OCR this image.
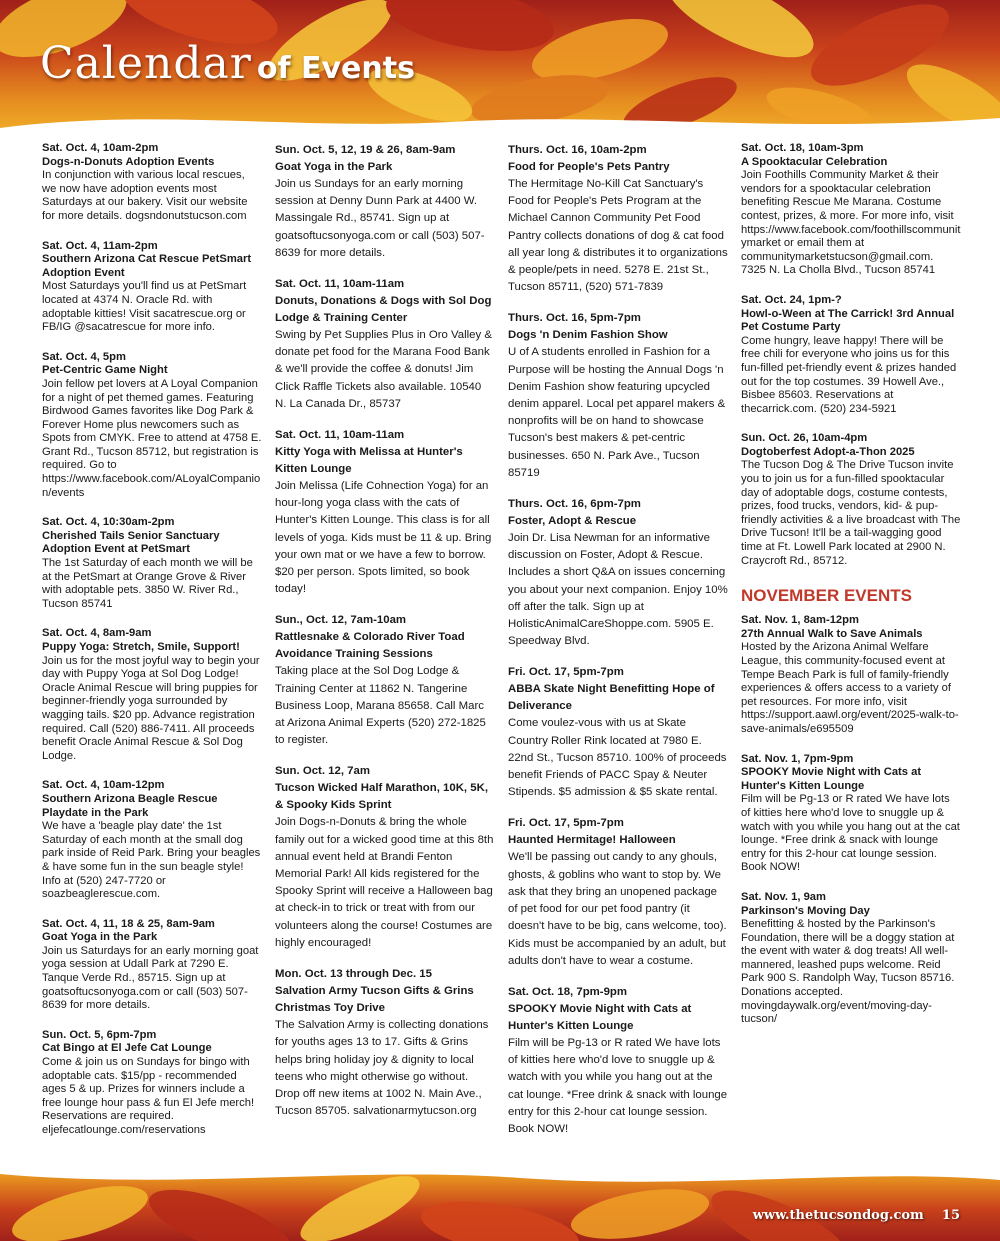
Calendar of Events
Sat. Oct. 4, 10am-2pm
Dogs-n-Donuts Adoption Events
In conjunction with various local rescues, we now have adoption events most Saturdays at our bakery. Visit our website for more details. dogsndonutstucson.com
Sat. Oct. 4, 11am-2pm
Southern Arizona Cat Rescue PetSmart Adoption Event
Most Saturdays you'll find us at PetSmart located at 4374 N. Oracle Rd. with adoptable kitties! Visit sacatrescue.org or FB/IG @sacatrescue for more info.
Sat. Oct. 4, 5pm
Pet-Centric Game Night
Join fellow pet lovers at A Loyal Companion for a night of pet themed games. Featuring Birdwood Games favorites like Dog Park & Forever Home plus newcomers such as Spots from CMYK. Free to attend at 4758 E. Grant Rd., Tucson 85712, but registration is required. Go to https://www.facebook.com/ALoyalCompanion/events
Sat. Oct. 4, 10:30am-2pm
Cherished Tails Senior Sanctuary Adoption Event at PetSmart
The 1st Saturday of each month we will be at the PetSmart at Orange Grove & River with adoptable pets. 3850 W. River Rd., Tucson 85741
Sat. Oct. 4, 8am-9am
Puppy Yoga: Stretch, Smile, Support!
Join us for the most joyful way to begin your day with Puppy Yoga at Sol Dog Lodge! Oracle Animal Rescue will bring puppies for beginner-friendly yoga surrounded by wagging tails. $20 pp. Advance registration required. Call (520) 886-7411. All proceeds benefit Oracle Animal Rescue & Sol Dog Lodge.
Sat. Oct. 4, 10am-12pm
Southern Arizona Beagle Rescue Playdate in the Park
We have a 'beagle play date' the 1st Saturday of each month at the small dog park inside of Reid Park. Bring your beagles & have some fun in the sun beagle style! Info at (520) 247-7720 or soazbeaglerescue.com.
Sat. Oct. 4, 11, 18 & 25, 8am-9am
Goat Yoga in the Park
Join us Saturdays for an early morning goat yoga session at Udall Park at 7290 E. Tanque Verde Rd., 85715. Sign up at goatsoftucsonyoga.com or call (503) 507-8639 for more details.
Sun. Oct. 5, 6pm-7pm
Cat Bingo at El Jefe Cat Lounge
Come & join us on Sundays for bingo with adoptable cats. $15/pp - recommended ages 5 & up. Prizes for winners include a free lounge hour pass & fun El Jefe merch! Reservations are required. eljefecatlounge.com/reservations
Sun. Oct. 5, 12, 19 & 26, 8am-9am
Goat Yoga in the Park
Join us Sundays for an early morning session at Denny Dunn Park at 4400 W. Massingale Rd., 85741. Sign up at goatsoftucsonyoga.com or call (503) 507-8639 for more details.
Sat. Oct. 11, 10am-11am
Donuts, Donations & Dogs with Sol Dog Lodge & Training Center
Swing by Pet Supplies Plus in Oro Valley & donate pet food for the Marana Food Bank & we'll provide the coffee & donuts! Jim Click Raffle Tickets also available. 10540 N. La Canada Dr., 85737
Sat. Oct. 11, 10am-11am
Kitty Yoga with Melissa at Hunter's Kitten Lounge
Join Melissa (Life Cohnection Yoga) for an hour-long yoga class with the cats of Hunter's Kitten Lounge. This class is for all levels of yoga. Kids must be 11 & up. Bring your own mat or we have a few to borrow. $20 per person. Spots limited, so book today!
Sun., Oct. 12, 7am-10am
Rattlesnake & Colorado River Toad Avoidance Training Sessions
Taking place at the Sol Dog Lodge & Training Center at 11862 N. Tangerine Business Loop, Marana 85658. Call Marc at Arizona Animal Experts (520) 272-1825 to register.
Sun. Oct. 12, 7am
Tucson Wicked Half Marathon, 10K, 5K, & Spooky Kids Sprint
Join Dogs-n-Donuts & bring the whole family out for a wicked good time at this 8th annual event held at Brandi Fenton Memorial Park! All kids registered for the Spooky Sprint will receive a Halloween bag at check-in to trick or treat with from our volunteers along the course! Costumes are highly encouraged!
Mon. Oct. 13 through Dec. 15
Salvation Army Tucson Gifts & Grins Christmas Toy Drive
The Salvation Army is collecting donations for youths ages 13 to 17. Gifts & Grins helps bring holiday joy & dignity to local teens who might otherwise go without. Drop off new items at 1002 N. Main Ave., Tucson 85705. salvationarmytucson.org
Thurs. Oct. 16, 10am-2pm
Food for People's Pets Pantry
The Hermitage No-Kill Cat Sanctuary's Food for People's Pets Program at the Michael Cannon Community Pet Food Pantry collects donations of dog & cat food all year long & distributes it to organizations & people/pets in need. 5278 E. 21st St., Tucson 85711, (520) 571-7839
Thurs. Oct. 16, 5pm-7pm
Dogs 'n Denim Fashion Show
U of A students enrolled in Fashion for a Purpose will be hosting the Annual Dogs 'n Denim Fashion show featuring upcycled denim apparel. Local pet apparel makers & nonprofits will be on hand to showcase Tucson's best makers & pet-centric businesses. 650 N. Park Ave., Tucson 85719
Thurs. Oct. 16, 6pm-7pm
Foster, Adopt & Rescue
Join Dr. Lisa Newman for an informative discussion on Foster, Adopt & Rescue. Includes a short Q&A on issues concerning you about your next companion. Enjoy 10% off after the talk. Sign up at HolisticAnimalCareShoppe.com. 5905 E. Speedway Blvd.
Fri. Oct. 17, 5pm-7pm
ABBA Skate Night Benefitting Hope of Deliverance
Come voulez-vous with us at Skate Country Roller Rink located at 7980 E. 22nd St., Tucson 85710. 100% of proceeds benefit Friends of PACC Spay & Neuter Stipends. $5 admission & $5 skate rental.
Fri. Oct. 17, 5pm-7pm
Haunted Hermitage! Halloween
We'll be passing out candy to any ghouls, ghosts, & goblins who want to stop by. We ask that they bring an unopened package of pet food for our pet food pantry (it doesn't have to be big, cans welcome, too). Kids must be accompanied by an adult, but adults don't have to wear a costume.
Sat. Oct. 18, 7pm-9pm
SPOOKY Movie Night with Cats at Hunter's Kitten Lounge
Film will be Pg-13 or R rated We have lots of kitties here who'd love to snuggle up & watch with you while you hang out at the cat lounge. *Free drink & snack with lounge entry for this 2-hour cat lounge session. Book NOW!
Sat. Oct. 18, 10am-3pm
A Spooktacular Celebration
Join Foothills Community Market & their vendors for a spooktacular celebration benefiting Rescue Me Marana. Costume contest, prizes, & more. For more info, visit https://www.facebook.com/foothillscommunitymarket or email them at communitymarketstucson@gmail.com. 7325 N. La Cholla Blvd., Tucson 85741
Sat. Oct. 24, 1pm-?
Howl-o-Ween at The Carrick! 3rd Annual Pet Costume Party
Come hungry, leave happy! There will be free chili for everyone who joins us for this fun-filled pet-friendly event & prizes handed out for the top costumes. 39 Howell Ave., Bisbee 85603. Reservations at thecarrick.com. (520) 234-5921
Sun. Oct. 26, 10am-4pm
Dogtoberfest Adopt-a-Thon 2025
The Tucson Dog & The Drive Tucson invite you to join us for a fun-filled spooktacular day of adoptable dogs, costume contests, prizes, food trucks, vendors, kid- & pup-friendly activities & a live broadcast with The Drive Tucson! It'll be a tail-wagging good time at Ft. Lowell Park located at 2900 N. Craycroft Rd., 85712.
NOVEMBER EVENTS
Sat. Nov. 1, 8am-12pm
27th Annual Walk to Save Animals
Hosted by the Arizona Animal Welfare League, this community-focused event at Tempe Beach Park is full of family-friendly experiences & offers access to a variety of pet resources. For more info, visit https://support.aawl.org/event/2025-walk-to-save-animals/e695509
Sat. Nov. 1, 7pm-9pm
SPOOKY Movie Night with Cats at Hunter's Kitten Lounge
Film will be Pg-13 or R rated We have lots of kitties here who'd love to snuggle up & watch with you while you hang out at the cat lounge. *Free drink & snack with lounge entry for this 2-hour cat lounge session. Book NOW!
Sat. Nov. 1, 9am
Parkinson's Moving Day
Benefitting & hosted by the Parkinson's Foundation, there will be a doggy station at the event with water & dog treats! All well-mannered, leashed pups welcome. Reid Park 900 S. Randolph Way, Tucson 85716. Donations accepted. movingdaywalk.org/event/moving-day-tucson/
www.thetucsondog.com 15
